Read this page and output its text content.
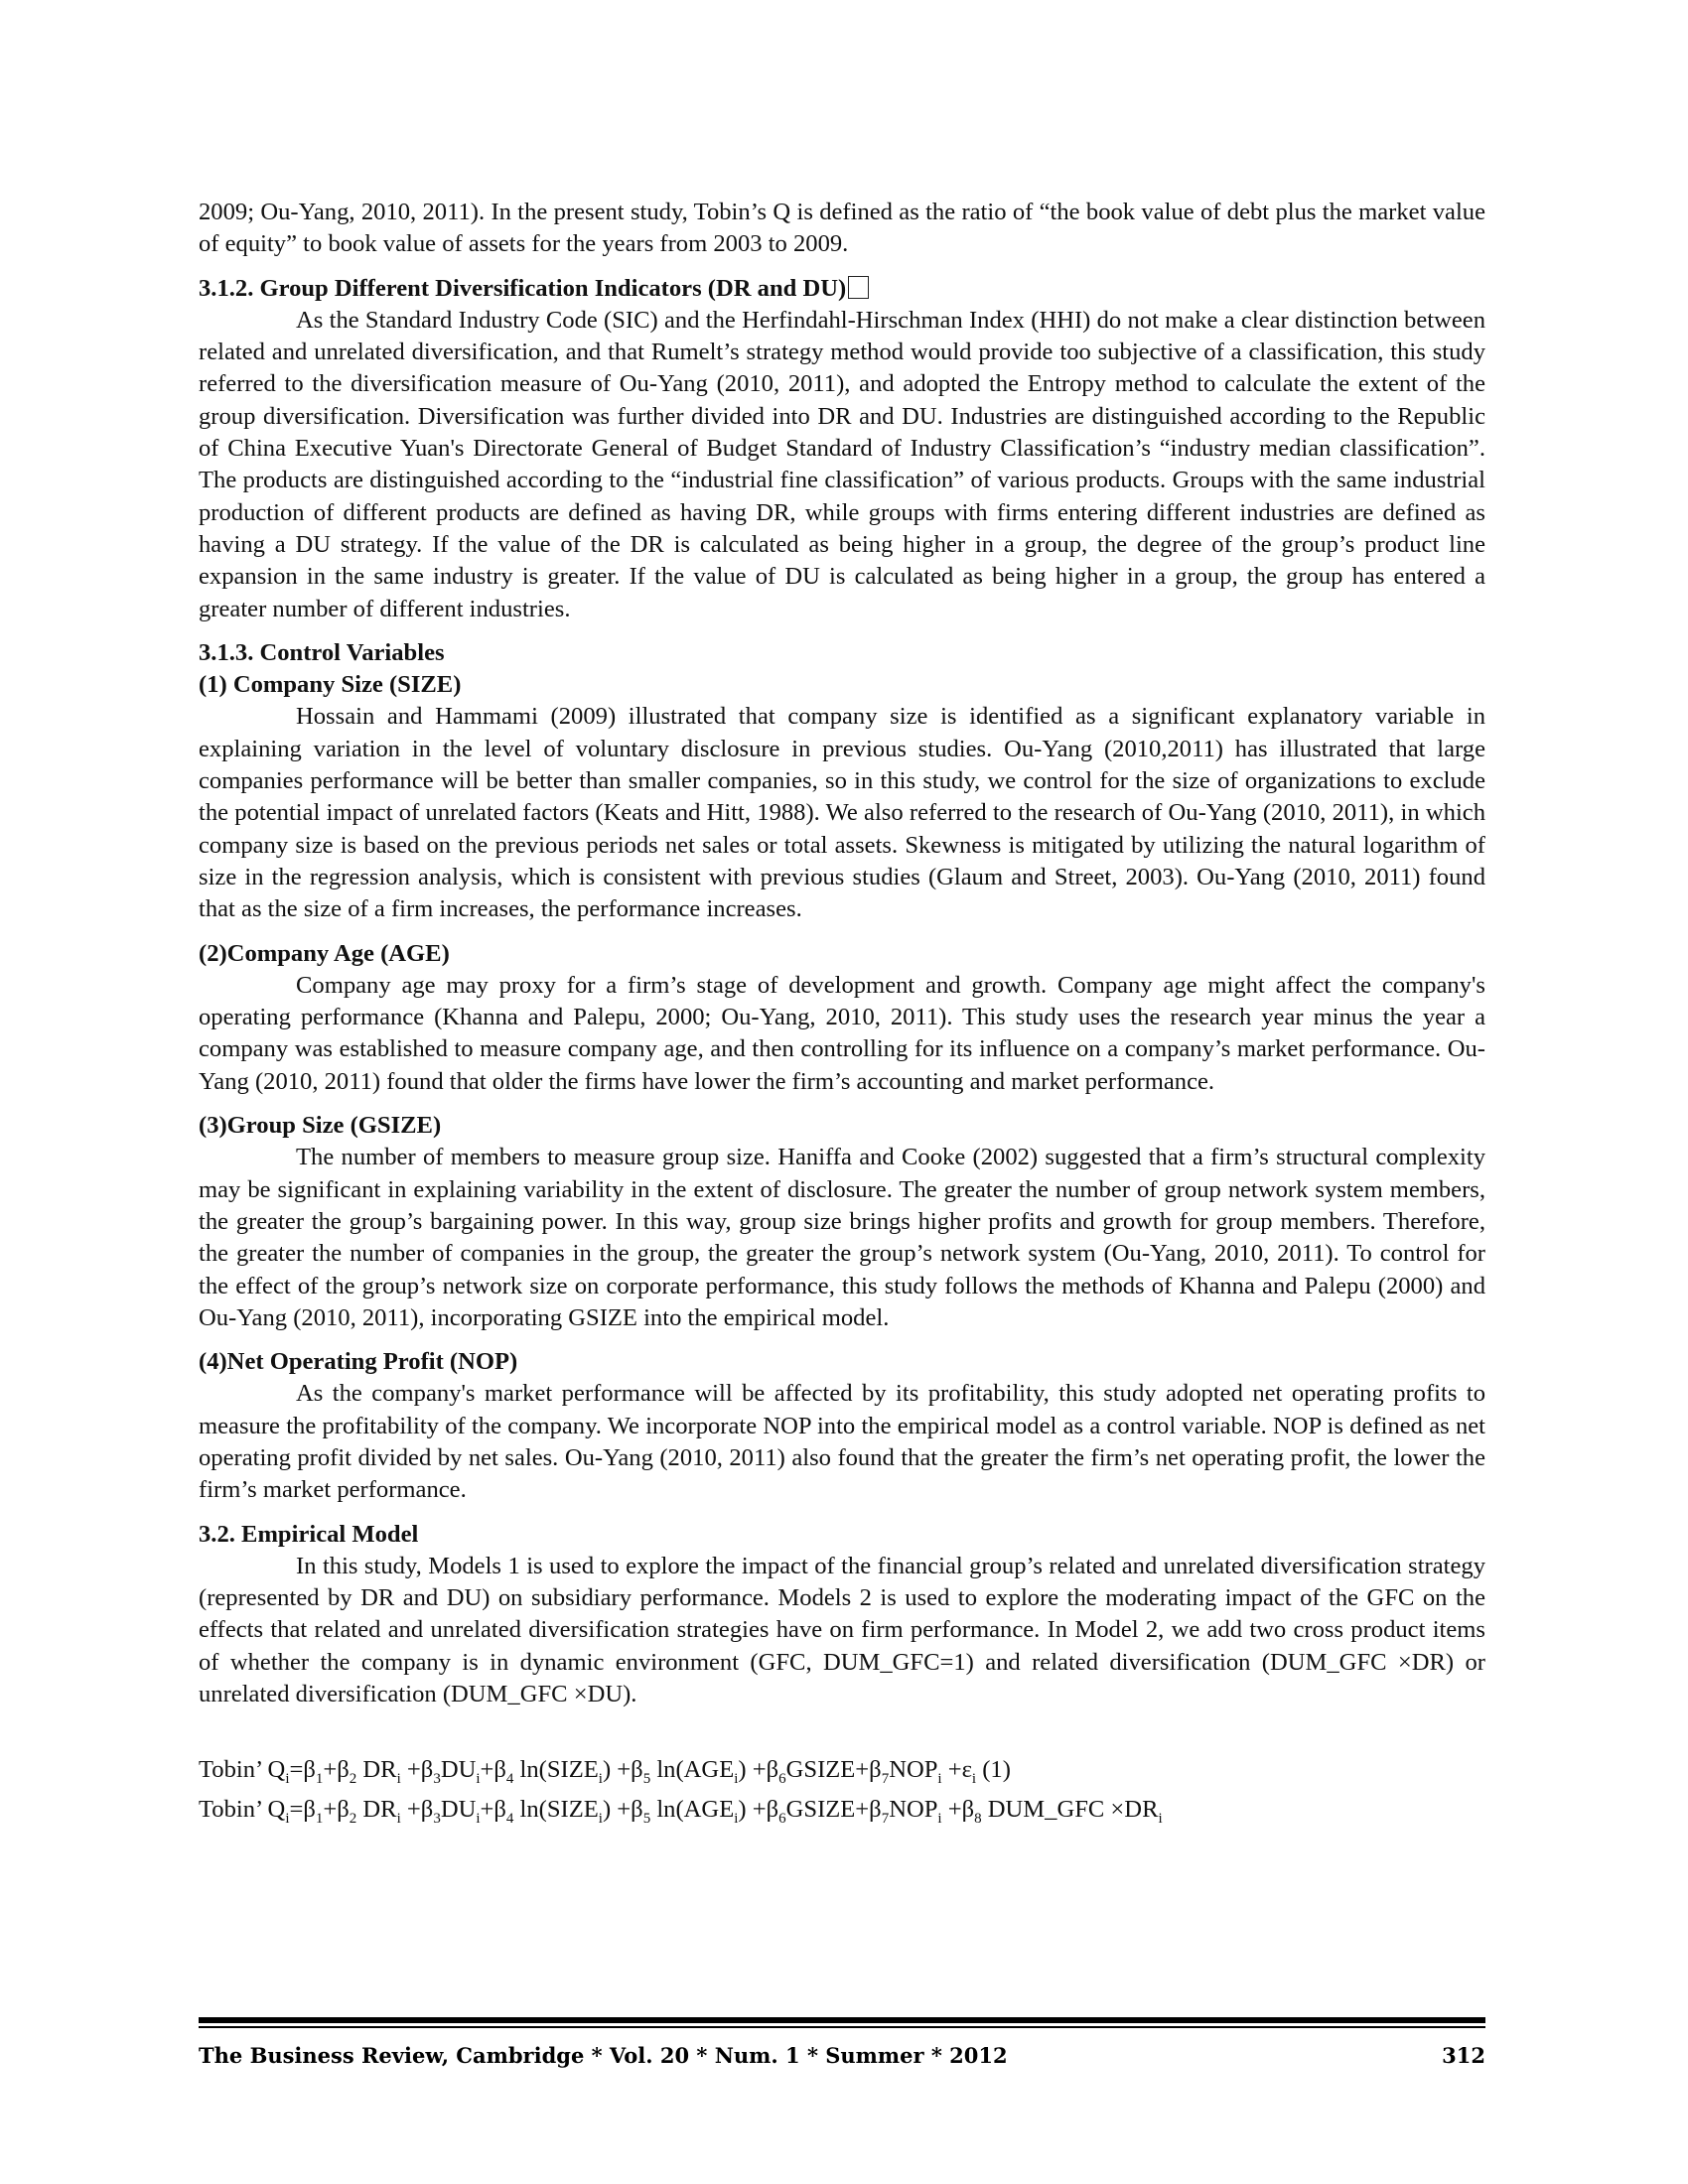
2009; Ou-Yang, 2010, 2011). In the present study, Tobin’s Q is defined as the ratio of “the book value of debt plus the market value of equity” to book value of assets for the years from 2003 to 2009.

3.1.2. Group Different Diversification Indicators (DR and DU)

As the Standard Industry Code (SIC) and the Herfindahl-Hirschman Index (HHI) do not make a clear distinction between related and unrelated diversification, and that Rumelt’s strategy method would provide too subjective of a classification, this study referred to the diversification measure of Ou-Yang (2010, 2011), and adopted the Entropy method to calculate the extent of the group diversification. Diversification was further divided into DR and DU. Industries are distinguished according to the Republic of China Executive Yuan's Directorate General of Budget Standard of Industry Classification’s “industry median classification”. The products are distinguished according to the “industrial fine classification” of various products. Groups with the same industrial production of different products are defined as having DR, while groups with firms entering different industries are defined as having a DU strategy. If the value of the DR is calculated as being higher in a group, the degree of the group’s product line expansion in the same industry is greater. If the value of DU is calculated as being higher in a group, the group has entered a greater number of different industries.

3.1.3. Control Variables
(1) Company Size (SIZE)

Hossain and Hammami (2009) illustrated that company size is identified as a significant explanatory variable in explaining variation in the level of voluntary disclosure in previous studies. Ou-Yang (2010,2011) has illustrated that large companies performance will be better than smaller companies, so in this study, we control for the size of organizations to exclude the potential impact of unrelated factors (Keats and Hitt, 1988). We also referred to the research of Ou-Yang (2010, 2011), in which company size is based on the previous periods net sales or total assets. Skewness is mitigated by utilizing the natural logarithm of size in the regression analysis, which is consistent with previous studies (Glaum and Street, 2003). Ou-Yang (2010, 2011) found that as the size of a firm increases, the performance increases.

(2)Company Age (AGE)

Company age may proxy for a firm’s stage of development and growth. Company age might affect the company's operating performance (Khanna and Palepu, 2000; Ou-Yang, 2010, 2011). This study uses the research year minus the year a company was established to measure company age, and then controlling for its influence on a company’s market performance. Ou-Yang (2010, 2011) found that older the firms have lower the firm’s accounting and market performance.

(3)Group Size (GSIZE)

The number of members to measure group size. Haniffa and Cooke (2002) suggested that a firm’s structural complexity may be significant in explaining variability in the extent of disclosure. The greater the number of group network system members, the greater the group’s bargaining power. In this way, group size brings higher profits and growth for group members. Therefore, the greater the number of companies in the group, the greater the group’s network system (Ou-Yang, 2010, 2011). To control for the effect of the group’s network size on corporate performance, this study follows the methods of Khanna and Palepu (2000) and Ou-Yang (2010, 2011), incorporating GSIZE into the empirical model.

(4)Net Operating Profit (NOP)

As the company's market performance will be affected by its profitability, this study adopted net operating profits to measure the profitability of the company. We incorporate NOP into the empirical model as a control variable. NOP is defined as net operating profit divided by net sales. Ou-Yang (2010, 2011) also found that the greater the firm’s net operating profit, the lower the firm’s market performance.

3.2. Empirical Model

In this study, Models 1 is used to explore the impact of the financial group’s related and unrelated diversification strategy (represented by DR and DU) on subsidiary performance. Models 2 is used to explore the moderating impact of the GFC on the effects that related and unrelated diversification strategies have on firm performance. In Model 2, we add two cross product items of whether the company is in dynamic environment (GFC, DUM_GFC=1) and related diversification (DUM_GFC ×DR) or unrelated diversification (DUM_GFC ×DU).

Tobin’ $Q_i=\beta_1+\beta_2$ $DR_i +\beta_3DU_i+\beta_4$ $\ln(SIZE_i) +\beta_5$ $\ln(AGE_i)$ $+\beta_6GSIZE+\beta_7NOP_i +\varepsilon_i$ (1)
Tobin’ $Q_i=\beta_1+\beta_2$ $DR_i +\beta_3DU_i+\beta_4$ $\ln(SIZE_i) +\beta_5$ $\ln(AGE_i)$ $+\beta_6GSIZE+\beta_7NOP_i +\beta_8$ DUM_GFC $\times DR_i$
The Business Review, Cambridge * Vol. 20 * Num. 1 * Summer * 2012	312
